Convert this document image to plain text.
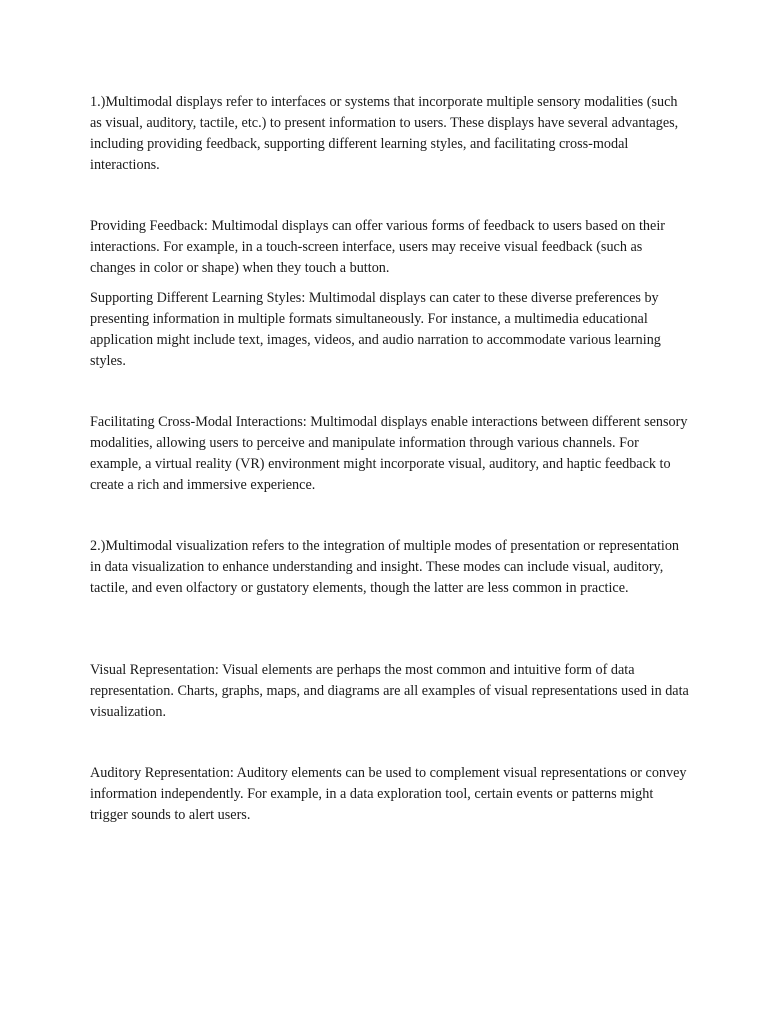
1.)Multimodal displays refer to interfaces or systems that incorporate multiple sensory modalities (such as visual, auditory, tactile, etc.) to present information to users. These displays have several advantages, including providing feedback, supporting different learning styles, and facilitating cross-modal interactions.

Providing Feedback: Multimodal displays can offer various forms of feedback to users based on their interactions. For example, in a touch-screen interface, users may receive visual feedback (such as changes in color or shape) when they touch a button.

Supporting Different Learning Styles: Multimodal displays can cater to these diverse preferences by presenting information in multiple formats simultaneously. For instance, a multimedia educational application might include text, images, videos, and audio narration to accommodate various learning styles.

Facilitating Cross-Modal Interactions: Multimodal displays enable interactions between different sensory modalities, allowing users to perceive and manipulate information through various channels. For example, a virtual reality (VR) environment might incorporate visual, auditory, and haptic feedback to create a rich and immersive experience.

2.)Multimodal visualization refers to the integration of multiple modes of presentation or representation in data visualization to enhance understanding and insight. These modes can include visual, auditory, tactile, and even olfactory or gustatory elements, though the latter are less common in practice.

Visual Representation: Visual elements are perhaps the most common and intuitive form of data representation. Charts, graphs, maps, and diagrams are all examples of visual representations used in data visualization.

Auditory Representation: Auditory elements can be used to complement visual representations or convey information independently. For example, in a data exploration tool, certain events or patterns might trigger sounds to alert users.
